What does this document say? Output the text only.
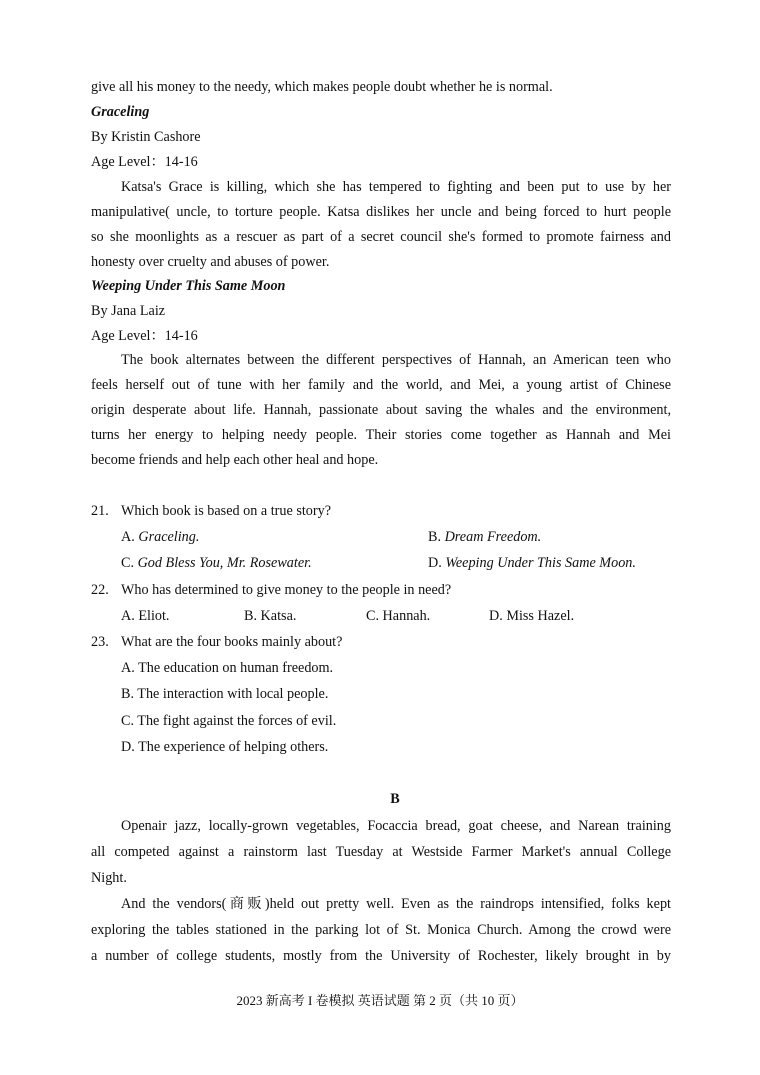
give all his money to the needy, which makes people doubt whether he is normal.
Graceling
By Kristin Cashore
Age Level：14-16
Katsa's Grace is killing, which she has tempered to fighting and been put to use by her
manipulative( uncle, to torture people. Katsa dislikes her uncle and being forced to hurt people
so she moonlights as a rescuer as part of a secret council she's formed to promote fairness and
honesty over cruelty and abuses of power.
Weeping Under This Same Moon
By Jana Laiz
Age Level：14-16
The book alternates between the different perspectives of Hannah, an American teen who
feels herself out of tune with her family and the world, and Mei, a young artist of Chinese
origin desperate about life. Hannah, passionate about saving the whales and the environment,
turns her energy to helping needy people. Their stories come together as Hannah and Mei
become friends and help each other heal and hope.
21. Which book is based on a true story?
A. Graceling.	B. Dream Freedom.
C. God Bless You, Mr. Rosewater.	D. Weeping Under This Same Moon.
22. Who has determined to give money to the people in need?
A. Eliot.	B. Katsa.	C. Hannah.	D. Miss Hazel.
23. What are the four books mainly about?
A. The education on human freedom.
B. The interaction with local people.
C. The fight against the forces of evil.
D. The experience of helping others.
B
Openair jazz, locally-grown vegetables, Focaccia bread, goat cheese, and Narean training
all competed against a rainstorm last Tuesday at Westside Farmer Market's annual College
Night.
And the vendors(商贩)held out pretty well. Even as the raindrops intensified, folks kept
exploring the tables stationed in the parking lot of St. Monica Church. Among the crowd were
a number of college students, mostly from the University of Rochester, likely brought in by
2023 新高考 I 卷模拟 英语试题 第 2 页（共 10 页）
